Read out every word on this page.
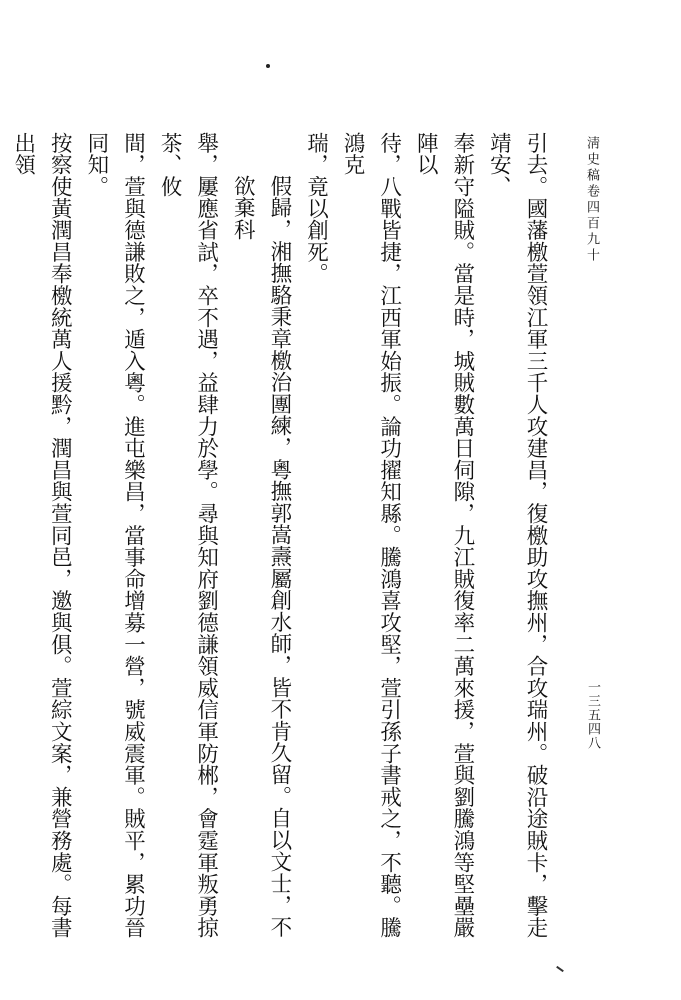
淸史稿卷四百九十
一三五四八
引去。國藩檄萱領江軍三千人攻建昌，復檄助攻撫州，合攻瑞州。破沿途賊卡，擊走靖安、
奉新守隘賊。當是時，城賊數萬日伺隙，九江賊復率二萬來援，萱與劉騰鴻等堅壘嚴陣以
待，八戰皆捷，江西軍始振。論功擢知縣。騰鴻喜攻堅，萱引孫子書戒之，不聽。騰鴻克
瑞，竟以創死。
假歸，湘撫駱秉章檄治團練，粵撫郭嵩燾屬創水師，皆不肯久留。自以文士，不欲棄科
舉，屢應省試，卒不遇，益肆力於學。尋與知府劉德謙領威信軍防郴，會霆軍叛勇掠茶、攸
間，萱與德謙敗之，遁入粵。進屯樂昌，當事命增募一營，號威震軍。賊平，累功晉同知。
按察使黃潤昌奉檄統萬人援黔，潤昌與萱同邑，邀與俱。萱綜文案，兼營務處。每書出領
